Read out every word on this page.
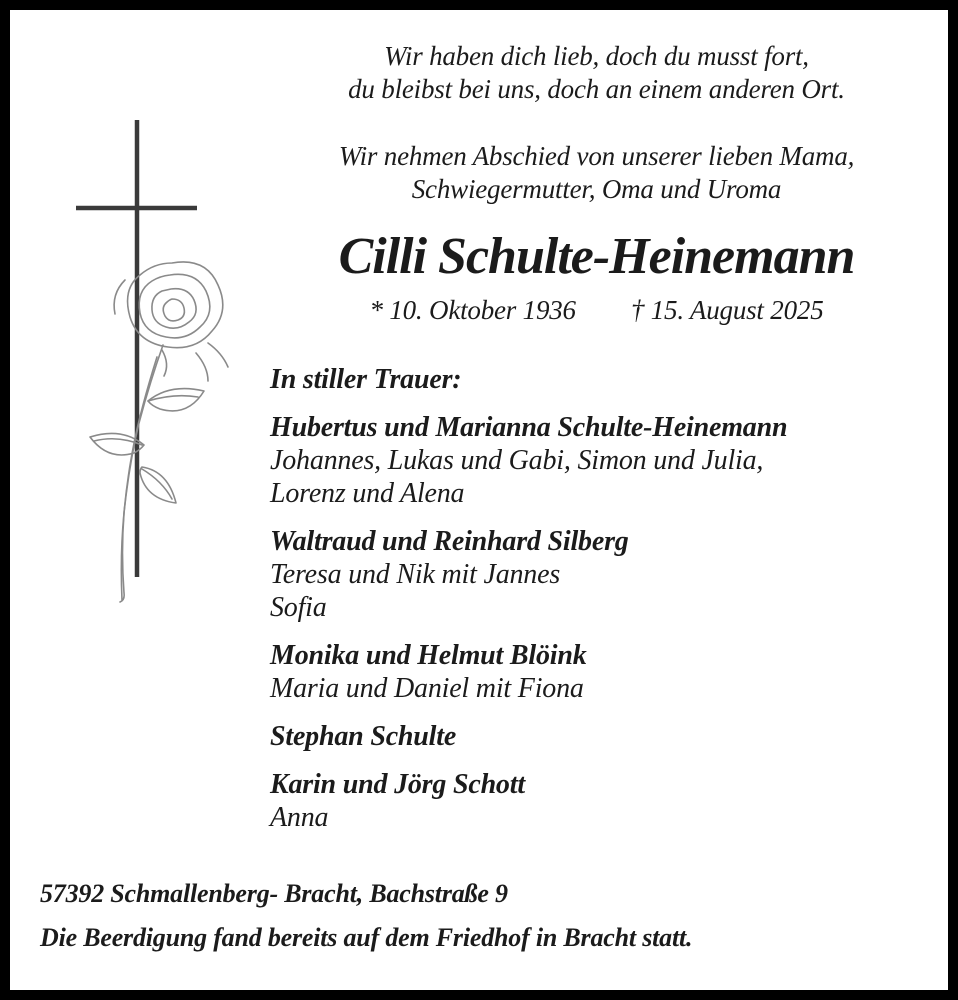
Wir haben dich lieb, doch du musst fort,
du bleibst bei uns, doch an einem anderen Ort.
Wir nehmen Abschied von unserer lieben Mama,
Schwiegermutter, Oma und Uroma
Cilli Schulte-Heinemann
* 10. Oktober 1936 † 15. August 2025
In stiller Trauer:
Hubertus und Marianna Schulte-Heinemann
Johannes, Lukas und Gabi, Simon und Julia,
Lorenz und Alena
Waltraud und Reinhard Silberg
Teresa und Nik mit Jannes
Sofia
Monika und Helmut Blöink
Maria und Daniel mit Fiona
Stephan Schulte
Karin und Jörg Schott
Anna
57392 Schmallenberg- Bracht, Bachstraße 9
Die Beerdigung fand bereits auf dem Friedhof in Bracht statt.
